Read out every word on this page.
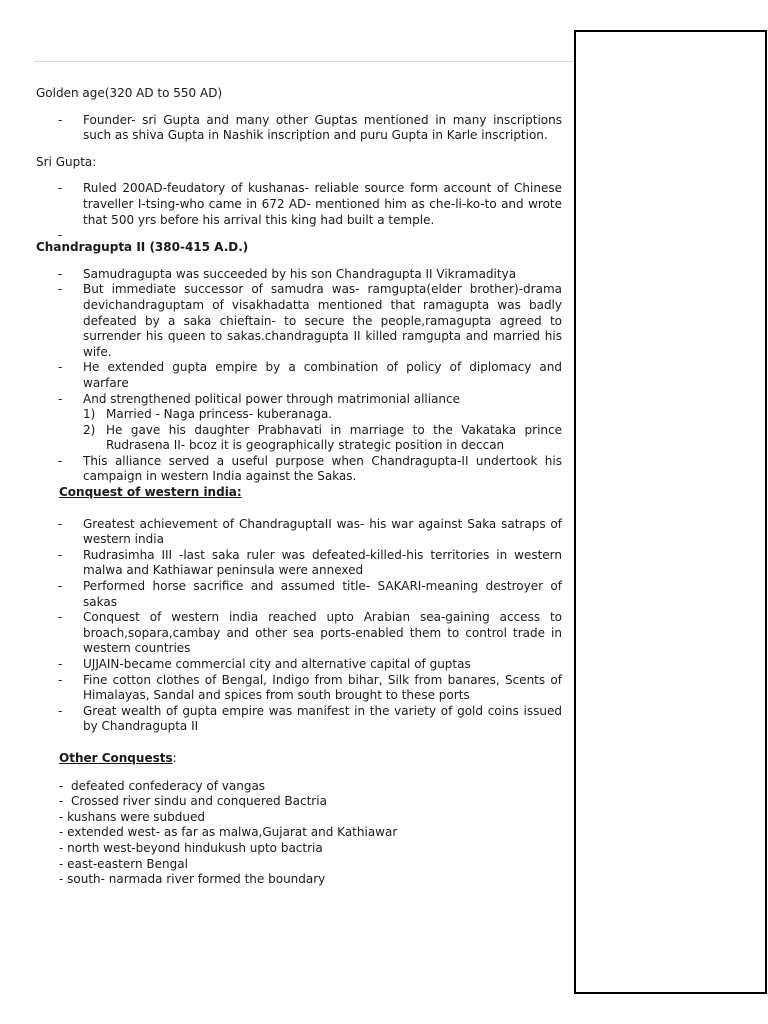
Golden age(320 AD to 550 AD)

- Founder- sri Gupta and many other Guptas mentioned in many inscriptions such as shiva Gupta in Nashik inscription and puru Gupta in Karle inscription.

Sri Gupta:

- Ruled 200AD-feudatory of kushanas- reliable source form account of Chinese traveller I-tsing-who came in 672 AD- mentioned him as che-li-ko-to and wrote that 500 yrs before his arrival this king had built a temple.

Chandragupta II (380-415 A.D.)

- Samudragupta was succeeded by his son Chandragupta II Vikramaditya
- But immediate successor of samudra was- ramgupta(elder brother)-drama devichandraguptam of visakhadatta mentioned that ramagupta was badly defeated by a saka chieftain- to secure the people,ramagupta agreed to surrender his queen to sakas.chandragupta II killed ramgupta and married his wife.
- He extended gupta empire by a combination of policy of diplomacy and warfare
- And strengthened political power through matrimonial alliance
1) Married - Naga princess- kuberanaga.
2) He gave his daughter Prabhavati in marriage to the Vakataka prince Rudrasena II- bcoz it is geographically strategic position in deccan
- This alliance served a useful purpose when Chandragupta-II undertook his campaign in western India against the Sakas.

Conquest of western india:

- Greatest achievement of ChandraguptaII was- his war against Saka satraps of western india
- Rudrasimha III -last saka ruler was defeated-killed-his territories in western malwa and Kathiawar peninsula were annexed
- Performed horse sacrifice and assumed title- SAKARI-meaning destroyer of sakas
- Conquest of western india reached upto Arabian sea-gaining access to broach,sopara,cambay and other sea ports-enabled them to control trade in western countries
- UJJAIN-became commercial city and alternative capital of guptas
- Fine cotton clothes of Bengal, Indigo from bihar, Silk from banares, Scents of Himalayas, Sandal and spices from south brought to these ports
- Great wealth of gupta empire was manifest in the variety of gold coins issued by Chandragupta II

Other Conquests:

-  defeated confederacy of vangas
-  Crossed river sindu and conquered Bactria
- kushans were subdued
- extended west- as far as malwa,Gujarat and Kathiawar
- north west-beyond hindukush upto bactria
- east-eastern Bengal
- south- narmada river formed the boundary
